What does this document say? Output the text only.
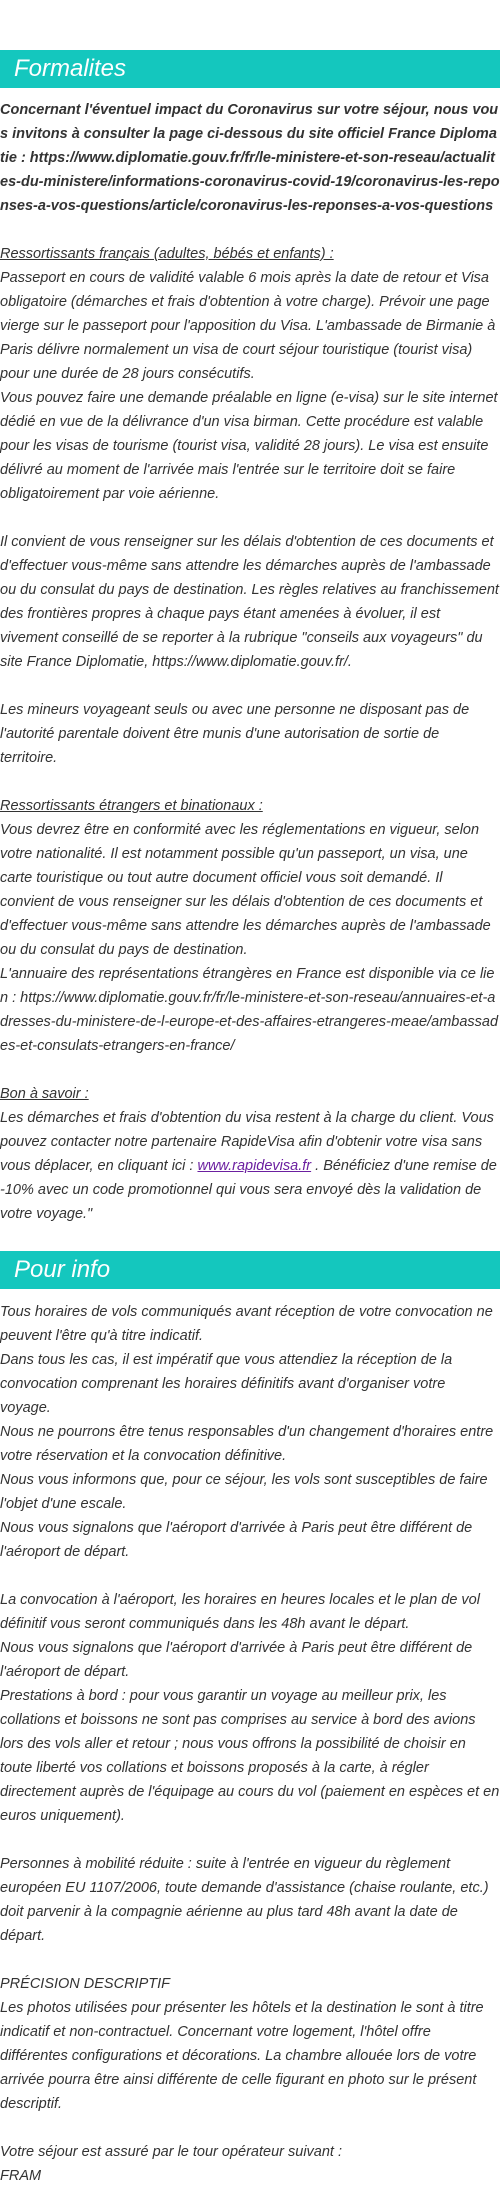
Formalites

Concernant l'éventuel impact du Coronavirus sur votre séjour, nous vous invitons à consulter la page ci-dessous du site officiel France Diplomatie : https://www.diplomatie.gouv.fr/fr/le-ministere-et-son-reseau/actualites-du-ministere/informations-coronavirus-covid-19/coronavirus-les-reponses-a-vos-questions/article/coronavirus-les-reponses-a-vos-questions

Ressortissants français (adultes, bébés et enfants) :

Passeport en cours de validité valable 6 mois après la date de retour et Visa obligatoire (démarches et frais d'obtention à votre charge). Prévoir une page vierge sur le passeport pour l'apposition du Visa. L'ambassade de Birmanie à Paris délivre normalement un visa de court séjour touristique (tourist visa) pour une durée de 28 jours consécutifs.

Vous pouvez faire une demande préalable en ligne (e-visa) sur le site internet dédié en vue de la délivrance d'un visa birman. Cette procédure est valable pour les visas de tourisme (tourist visa, validité 28 jours). Le visa est ensuite délivré au moment de l'arrivée mais l'entrée sur le territoire doit se faire obligatoirement par voie aérienne.

Il convient de vous renseigner sur les délais d'obtention de ces documents et d'effectuer vous-même sans attendre les démarches auprès de l'ambassade ou du consulat du pays de destination. Les règles relatives au franchissement des frontières propres à chaque pays étant amenées à évoluer, il est vivement conseillé de se reporter à la rubrique "conseils aux voyageurs" du site France Diplomatie, https://www.diplomatie.gouv.fr/.

Les mineurs voyageant seuls ou avec une personne ne disposant pas de l'autorité parentale doivent être munis d'une autorisation de sortie de territoire.

Ressortissants étrangers et binationaux :

Vous devrez être en conformité avec les réglementations en vigueur, selon votre nationalité. Il est notamment possible qu'un passeport, un visa, une carte touristique ou tout autre document officiel vous soit demandé. Il convient de vous renseigner sur les délais d'obtention de ces documents et d'effectuer vous-même sans attendre les démarches auprès de l'ambassade ou du consulat du pays de destination.

L'annuaire des représentations étrangères en France est disponible via ce lien : https://www.diplomatie.gouv.fr/fr/le-ministere-et-son-reseau/annuaires-et-adresses-du-ministere-de-l-europe-et-des-affaires-etrangeres-meae/ambassades-et-consulats-etrangers-en-france/

Bon à savoir :

Les démarches et frais d'obtention du visa restent à la charge du client. Vous pouvez contacter notre partenaire RapideVisa afin d'obtenir votre visa sans vous déplacer, en cliquant ici : www.rapidevisa.fr . Bénéficiez d'une remise de -10% avec un code promotionnel qui vous sera envoyé dès la validation de votre voyage."

Pour info

Tous horaires de vols communiqués avant réception de votre convocation ne peuvent l'être qu'à titre indicatif.

Dans tous les cas, il est impératif que vous attendiez la réception de la convocation comprenant les horaires définitifs avant d'organiser votre voyage.

Nous ne pourrons être tenus responsables d'un changement d'horaires entre votre réservation et la convocation définitive.

Nous vous informons que, pour ce séjour, les vols sont susceptibles de faire l'objet d'une escale.

Nous vous signalons que l'aéroport d'arrivée à Paris peut être différent de l'aéroport de départ.

La convocation à l'aéroport, les horaires en heures locales et le plan de vol définitif vous seront communiqués dans les 48h avant le départ.

Nous vous signalons que l'aéroport d'arrivée à Paris peut être différent de l'aéroport de départ.

Prestations à bord : pour vous garantir un voyage au meilleur prix, les collations et boissons ne sont pas comprises au service à bord des avions lors des vols aller et retour ; nous vous offrons la possibilité de choisir en toute liberté vos collations et boissons proposés à la carte, à régler directement auprès de l'équipage au cours du vol (paiement en espèces et en euros uniquement).

Personnes à mobilité réduite : suite à l'entrée en vigueur du règlement européen EU 1107/2006, toute demande d'assistance (chaise roulante, etc.) doit parvenir à la compagnie aérienne au plus tard 48h avant la date de départ.

PRÉCISION DESCRIPTIF

Les photos utilisées pour présenter les hôtels et la destination le sont à titre indicatif et non-contractuel. Concernant votre logement, l'hôtel offre différentes configurations et décorations. La chambre allouée lors de votre arrivée pourra être ainsi différente de celle figurant en photo sur le présent descriptif.

Votre séjour est assuré par le tour opérateur suivant :

FRAM
